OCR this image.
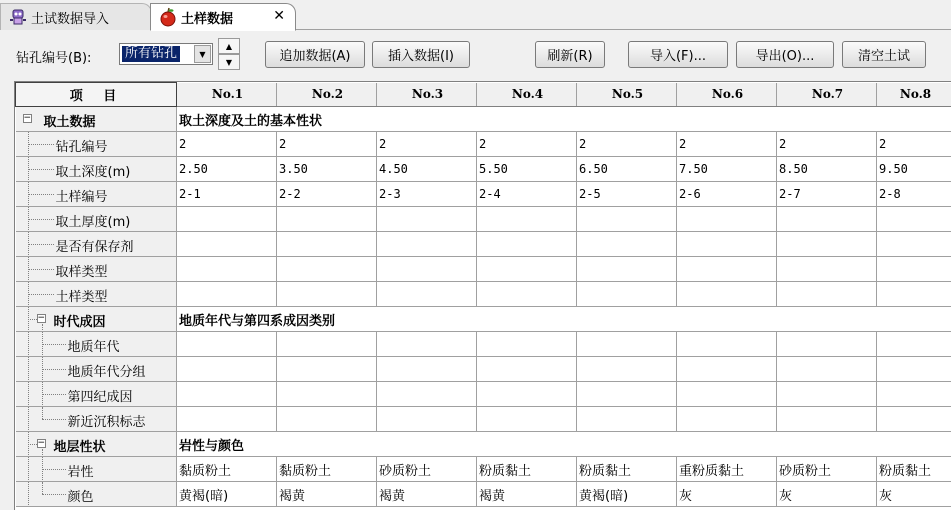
土试数据导入	土样数据	✕
钻孔编号(B):	所有钻孔	▼
▲
▼	追加数据(A)	插入数据(I)	刷新(R)	导入(F)...	导出(O)...	清空土试
项 目	No.1	No.2	No.3	No.4	No.5	No.6	No.7	No.8

− 取土数据	取土深度及土的基本性状							

钻孔编号	2	2	2	2	2	2	2	2

取土深度(m)	2.50	3.50	4.50	5.50	6.50	7.50	8.50	9.50

土样编号	2-1	2-2	2-3	2-4	2-5	2-6	2-7	2-8

取土厚度(m)								

是否有保存剂								

取样类型								

土样类型								

− 时代成因	地质年代与第四系成因类别							

地质年代								

地质年代分组								

第四纪成因								

新近沉积标志								

− 地层性状	岩性与颜色							

岩性	黏质粉土	黏质粉土	砂质粉土	粉质黏土	粉质黏土	重粉质黏土	砂质粉土	粉质黏土

颜色	黄褐(暗)	褐黄	褐黄	褐黄	黄褐(暗)	灰	灰	灰
